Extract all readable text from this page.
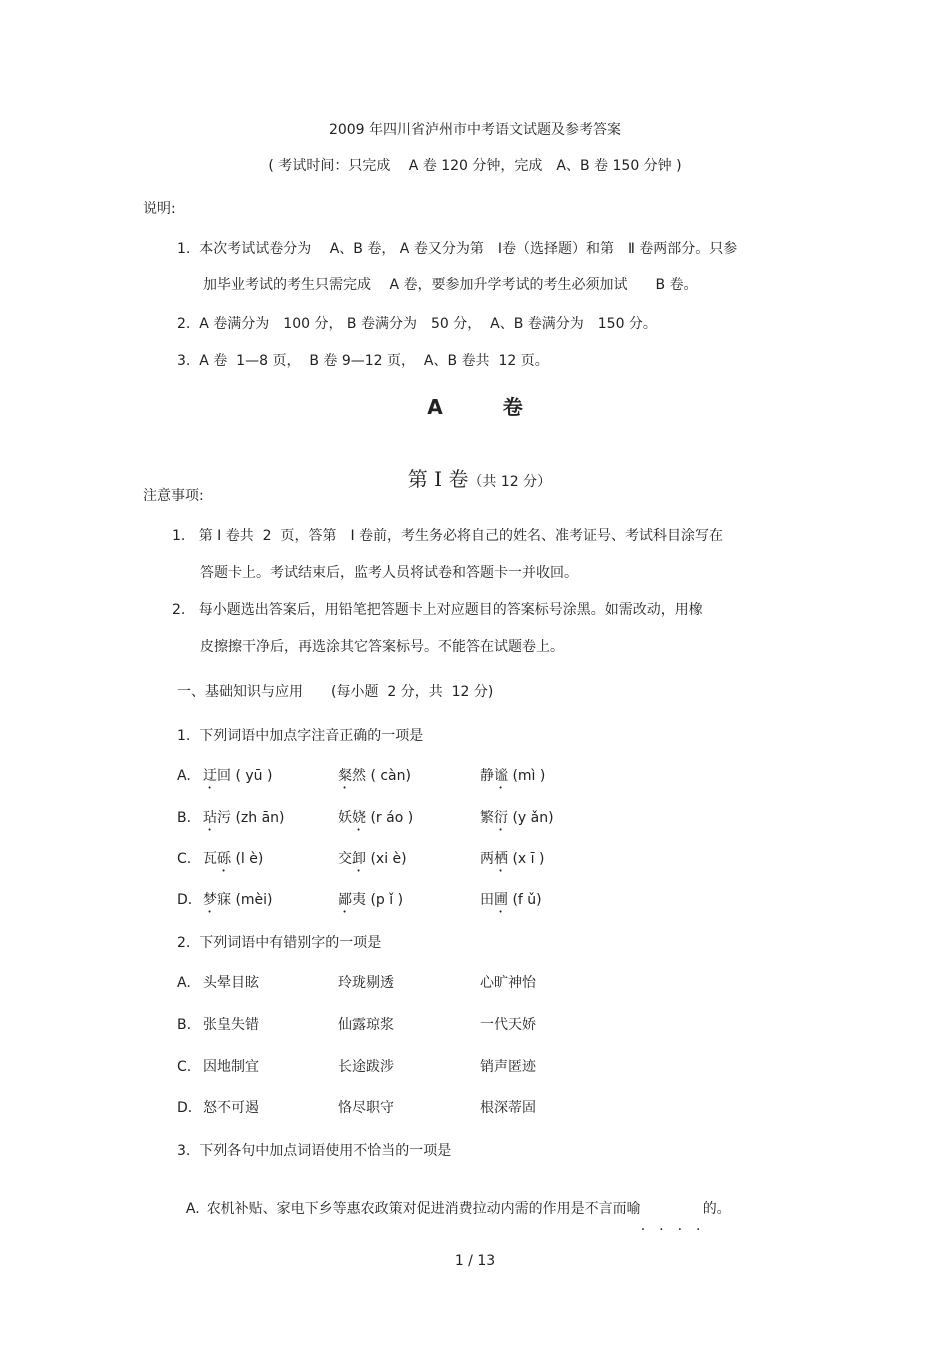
2009 年四川省泸州市中考语文试题及参考答案
( 考试时间：只完成　 A 卷 120 分钟，完成　A、B 卷 150 分钟 )
说明:
1.  本次考试试卷分为　 A、B 卷， A 卷又分为第　Ⅰ卷（选择题）和第　Ⅱ 卷两部分。只参
加毕业考试的考生只需完成　 A 卷，要参加升学考试的考生必须加试　　B 卷。
2.  A 卷满分为　100 分， B 卷满分为　50 分，  A、B 卷满分为　150 分。
3.  A 卷  1—8 页，  B 卷 9—12 页，  A、B 卷共  12 页。
A　　　卷

第 I 卷（共 12 分）

注意事项:
1.   第 I 卷共  2  页，答第　I 卷前，考生务必将自己的姓名、准考证号、考试科目涂写在
答题卡上。考试结束后，监考人员将试卷和答题卡一并收回。
2.   每小题选出答案后，用铅笔把答题卡上对应题目的答案标号涂黑。如需改动，用橡
皮擦擦干净后，再选涂其它答案标号。不能答在试题卷上。
一、基础知识与应用　　(每小题  2 分，共  12 分)
1.  下列词语中加点字注音正确的一项是
A. 迂回 ( yū )	粲然 ( càn)	静谧 (mì )
B. 玷污 (zh ān)	妖娆 (r áo )	繁衍 (y ǎn)
C. 瓦砾 (l è)	交卸 (xi è)	两栖 (x ī )
D. 梦寐 (mèi)	鄙夷 (p ǐ )	田圃 (f ǔ)
2.  下列词语中有错别字的一项是
A. 头晕目眩	玲珑剔透	心旷神怡
B. 张皇失错	仙露琼浆	一代天娇
C. 因地制宜	长途跋涉	销声匿迹
D. 怒不可遏	恪尽职守	根深蒂固
3.  下列各句中加点词语使用不恰当的一项是

A.  农机补贴、家电下乡等惠农政策对促进消费拉动内需的作用是不言而喻
····
的。

1 / 13
